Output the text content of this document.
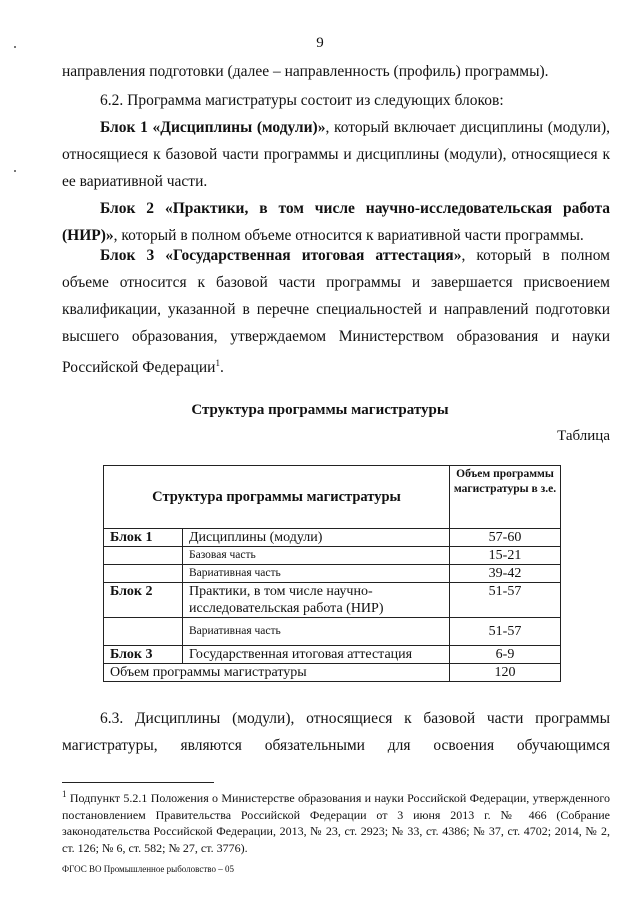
9
направления подготовки (далее – направленность (профиль) программы).
6.2. Программа магистратуры состоит из следующих блоков:
Блок 1 «Дисциплины (модули)», который включает дисциплины (модули), относящиеся к базовой части программы и дисциплины (модули), относящиеся к ее вариативной части.
Блок 2 «Практики, в том числе научно-исследовательская работа (НИР)», который в полном объеме относится к вариативной части программы.
Блок 3 «Государственная итоговая аттестация», который в полном объеме относится к базовой части программы и завершается присвоением квалификации, указанной в перечне специальностей и направлений подготовки высшего образования, утверждаемом Министерством образования и науки Российской Федерации$^1$.
Структура программы магистратуры
Таблица
Структура программы магистратуры		Объем программы магистратуры в з.е.
Блок 1	Дисциплины (модули)	57-60
	Базовая часть	15-21
	Вариативная часть	39-42
Блок 2	Практики, в том числе научно-исследовательская работа (НИР)	51-57
	Вариативная часть	51-57
Блок 3	Государственная итоговая аттестация	6-9
Объем программы магистратуры		120
6.3. Дисциплины (модули), относящиеся к базовой части программы
магистратуры, являются обязательными для освоения обучающимся
$^1$ Подпункт 5.2.1 Положения о Министерстве образования и науки Российской Федерации, утвержденного постановлением Правительства Российской Федерации от 3 июня 2013 г. № 466 (Собрание законодательства Российской Федерации, 2013, № 23, ст. 2923; № 33, ст. 4386; № 37, ст. 4702; 2014, № 2, ст. 126; № 6, ст. 582; № 27, ст. 3776).
ФГОС ВО Промышленное рыболовство – 05
